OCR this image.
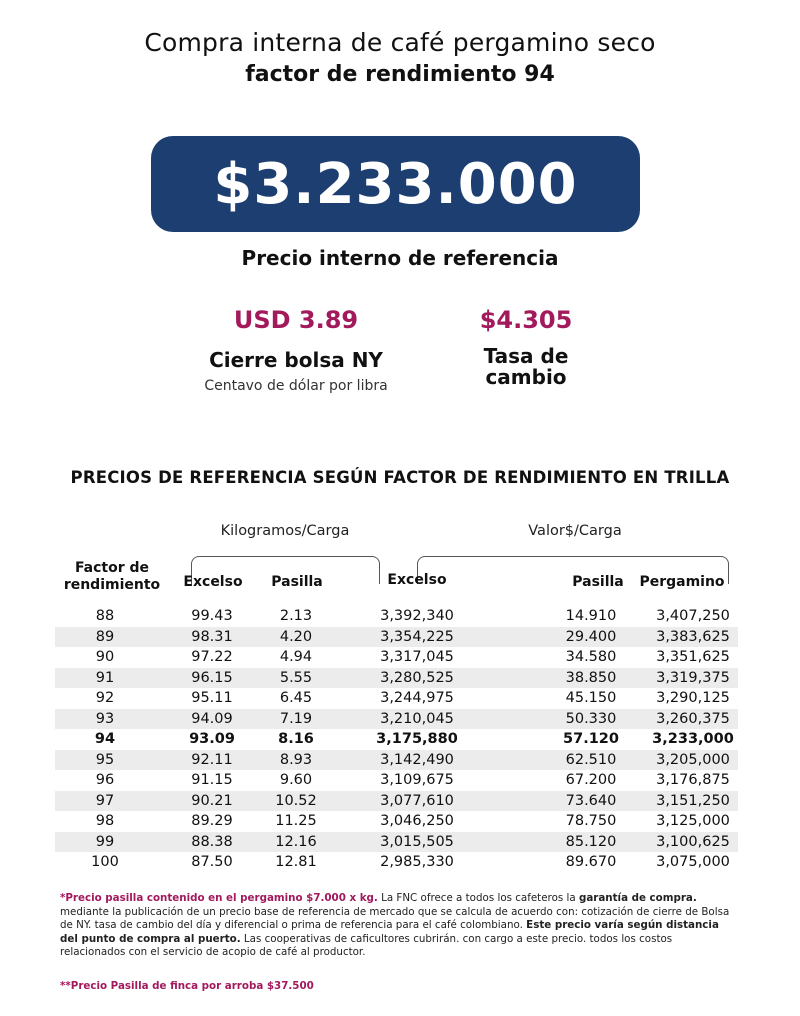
Compra interna de café pergamino seco
factor de rendimiento 94
$3.233.000
Precio interno de referencia
USD 3.89
Cierre bolsa NY
Centavo de dólar por libra
$4.305
Tasa de
cambio
PRECIOS DE REFERENCIA SEGÚN FACTOR DE RENDIMIENTO EN TRILLA
Kilogramos/Carga	Valor$/Carga
Factor de
rendimiento	Excelso	Pasilla	Excelso	Pasilla	Pergamino
88	99.43	2.13	3,392,340	14.910	3,407,250
89	98.31	4.20	3,354,225	29.400	3,383,625
90	97.22	4.94	3,317,045	34.580	3,351,625
91	96.15	5.55	3,280,525	38.850	3,319,375
92	95.11	6.45	3,244,975	45.150	3,290,125
93	94.09	7.19	3,210,045	50.330	3,260,375
94	93.09	8.16	3,175,880	57.120	3,233,000
95	92.11	8.93	3,142,490	62.510	3,205,000
96	91.15	9.60	3,109,675	67.200	3,176,875
97	90.21	10.52	3,077,610	73.640	3,151,250
98	89.29	11.25	3,046,250	78.750	3,125,000
99	88.38	12.16	3,015,505	85.120	3,100,625
100	87.50	12.81	2,985,330	89.670	3,075,000
*Precio pasilla contenido en el pergamino $7.000 x kg. La FNC ofrece a todos los cafeteros la garantía de compra. mediante la publicación de un precio base de referencia de mercado que se calcula de acuerdo con: cotización de cierre de Bolsa de NY. tasa de cambio del día y diferencial o prima de referencia para el café colombiano. Este precio varía según distancia del punto de compra al puerto. Las cooperativas de caficultores cubrirán. con cargo a este precio. todos los costos relacionados con el servicio de acopio de café al productor.
**Precio Pasilla de finca por arroba $37.500
